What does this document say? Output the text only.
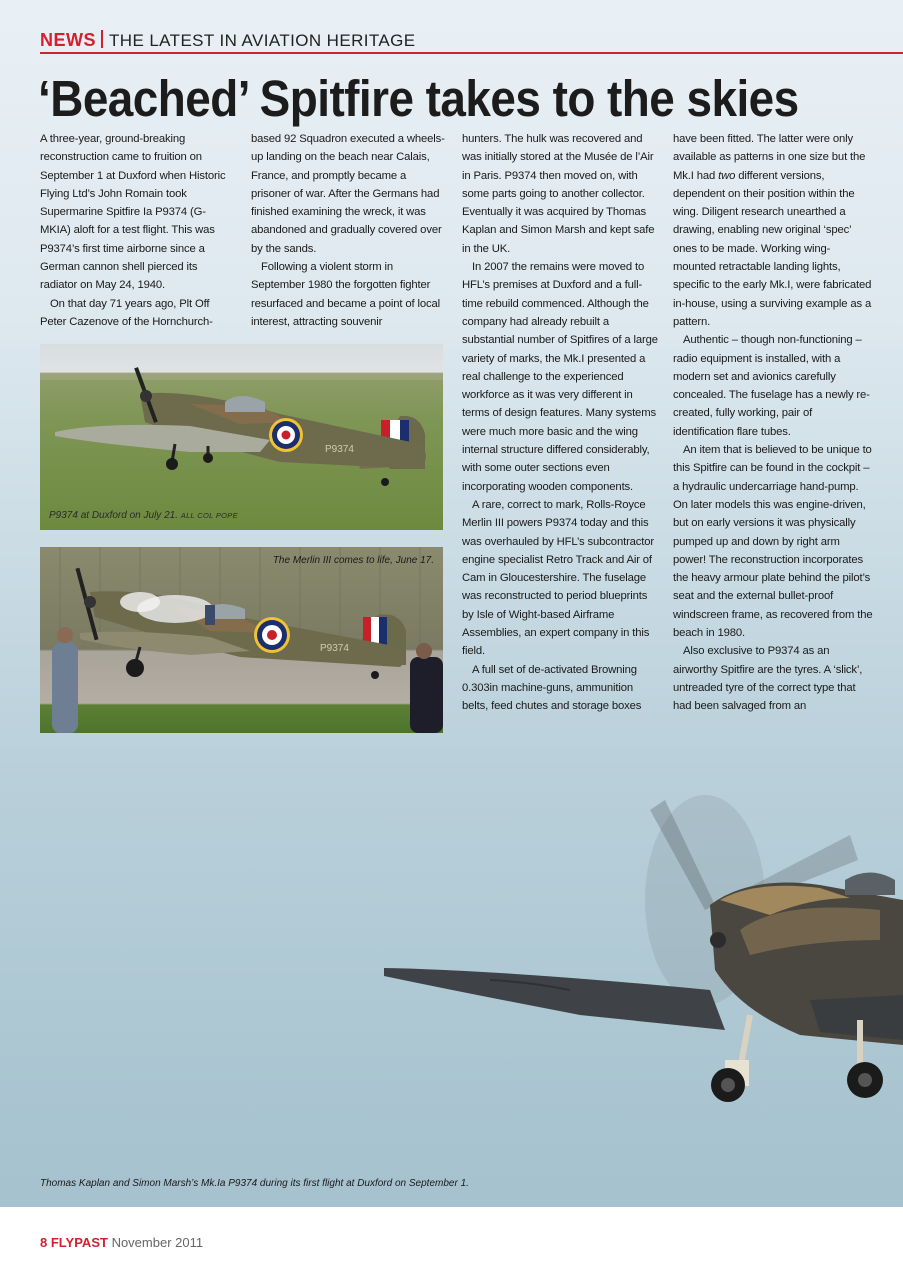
NEWS THE LATEST IN AVIATION HERITAGE
‘Beached’ Spitfire takes to the skies

A three-year, ground-breaking reconstruction came to fruition on September 1 at Duxford when Historic Flying Ltd’s John Romain took Supermarine Spitfire Ia P9374 (G-MKIA) aloft for a test flight. This was P9374’s first time airborne since a German cannon shell pierced its radiator on May 24, 1940.

On that day 71 years ago, Plt Off Peter Cazenove of the Hornchurch-

based 92 Squadron executed a wheels-up landing on the beach near Calais, France, and promptly became a prisoner of war. After the Germans had finished examining the wreck, it was abandoned and gradually covered over by the sands.

Following a violent storm in September 1980 the forgotten fighter resurfaced and became a point of local interest, attracting souvenir

hunters. The hulk was recovered and was initially stored at the Musée de l’Air in Paris. P9374 then moved on, with some parts going to another collector. Eventually it was acquired by Thomas Kaplan and Simon Marsh and kept safe in the UK.

In 2007 the remains were moved to HFL’s premises at Duxford and a full-time rebuild commenced. Although the company had already rebuilt a substantial number of Spitfires of a large variety of marks, the Mk.I presented a real challenge to the experienced workforce as it was very different in terms of design features. Many systems were much more basic and the wing internal structure differed considerably, with some outer sections even incorporating wooden components.

A rare, correct to mark, Rolls-Royce Merlin III powers P9374 today and this was overhauled by HFL’s subcontractor engine specialist Retro Track and Air of Cam in Gloucestershire. The fuselage was reconstructed to period blueprints by Isle of Wight-based Airframe Assemblies, an expert company in this field.

A full set of de-activated Browning 0.303in machine-guns, ammunition belts, feed chutes and storage boxes

have been fitted. The latter were only available as patterns in one size but the Mk.I had two different versions, dependent on their position within the wing. Diligent research unearthed a drawing, enabling new original ‘spec’ ones to be made. Working wing-mounted retractable landing lights, specific to the early Mk.I, were fabricated in-house, using a surviving example as a pattern.

Authentic – though non-functioning – radio equipment is installed, with a modern set and avionics carefully concealed. The fuselage has a newly re-created, fully working, pair of identification flare tubes.

An item that is believed to be unique to this Spitfire can be found in the cockpit – a hydraulic undercarriage hand-pump. On later models this was engine-driven, but on early versions it was physically pumped up and down by right arm power! The reconstruction incorporates the heavy armour plate behind the pilot’s seat and the external bullet-proof windscreen frame, as recovered from the beach in 1980.

Also exclusive to P9374 as an airworthy Spitfire are the tyres. A ‘slick’, untreaded tyre of the correct type that had been salvaged from an

P9374
P9374 at Duxford on July 21. ALL COL POPE
P9374
The Merlin III comes to life, June 17.
Thomas Kaplan and Simon Marsh’s Mk.Ia P9374 during its first flight at Duxford on September 1.
8 FLYPAST November 2011
